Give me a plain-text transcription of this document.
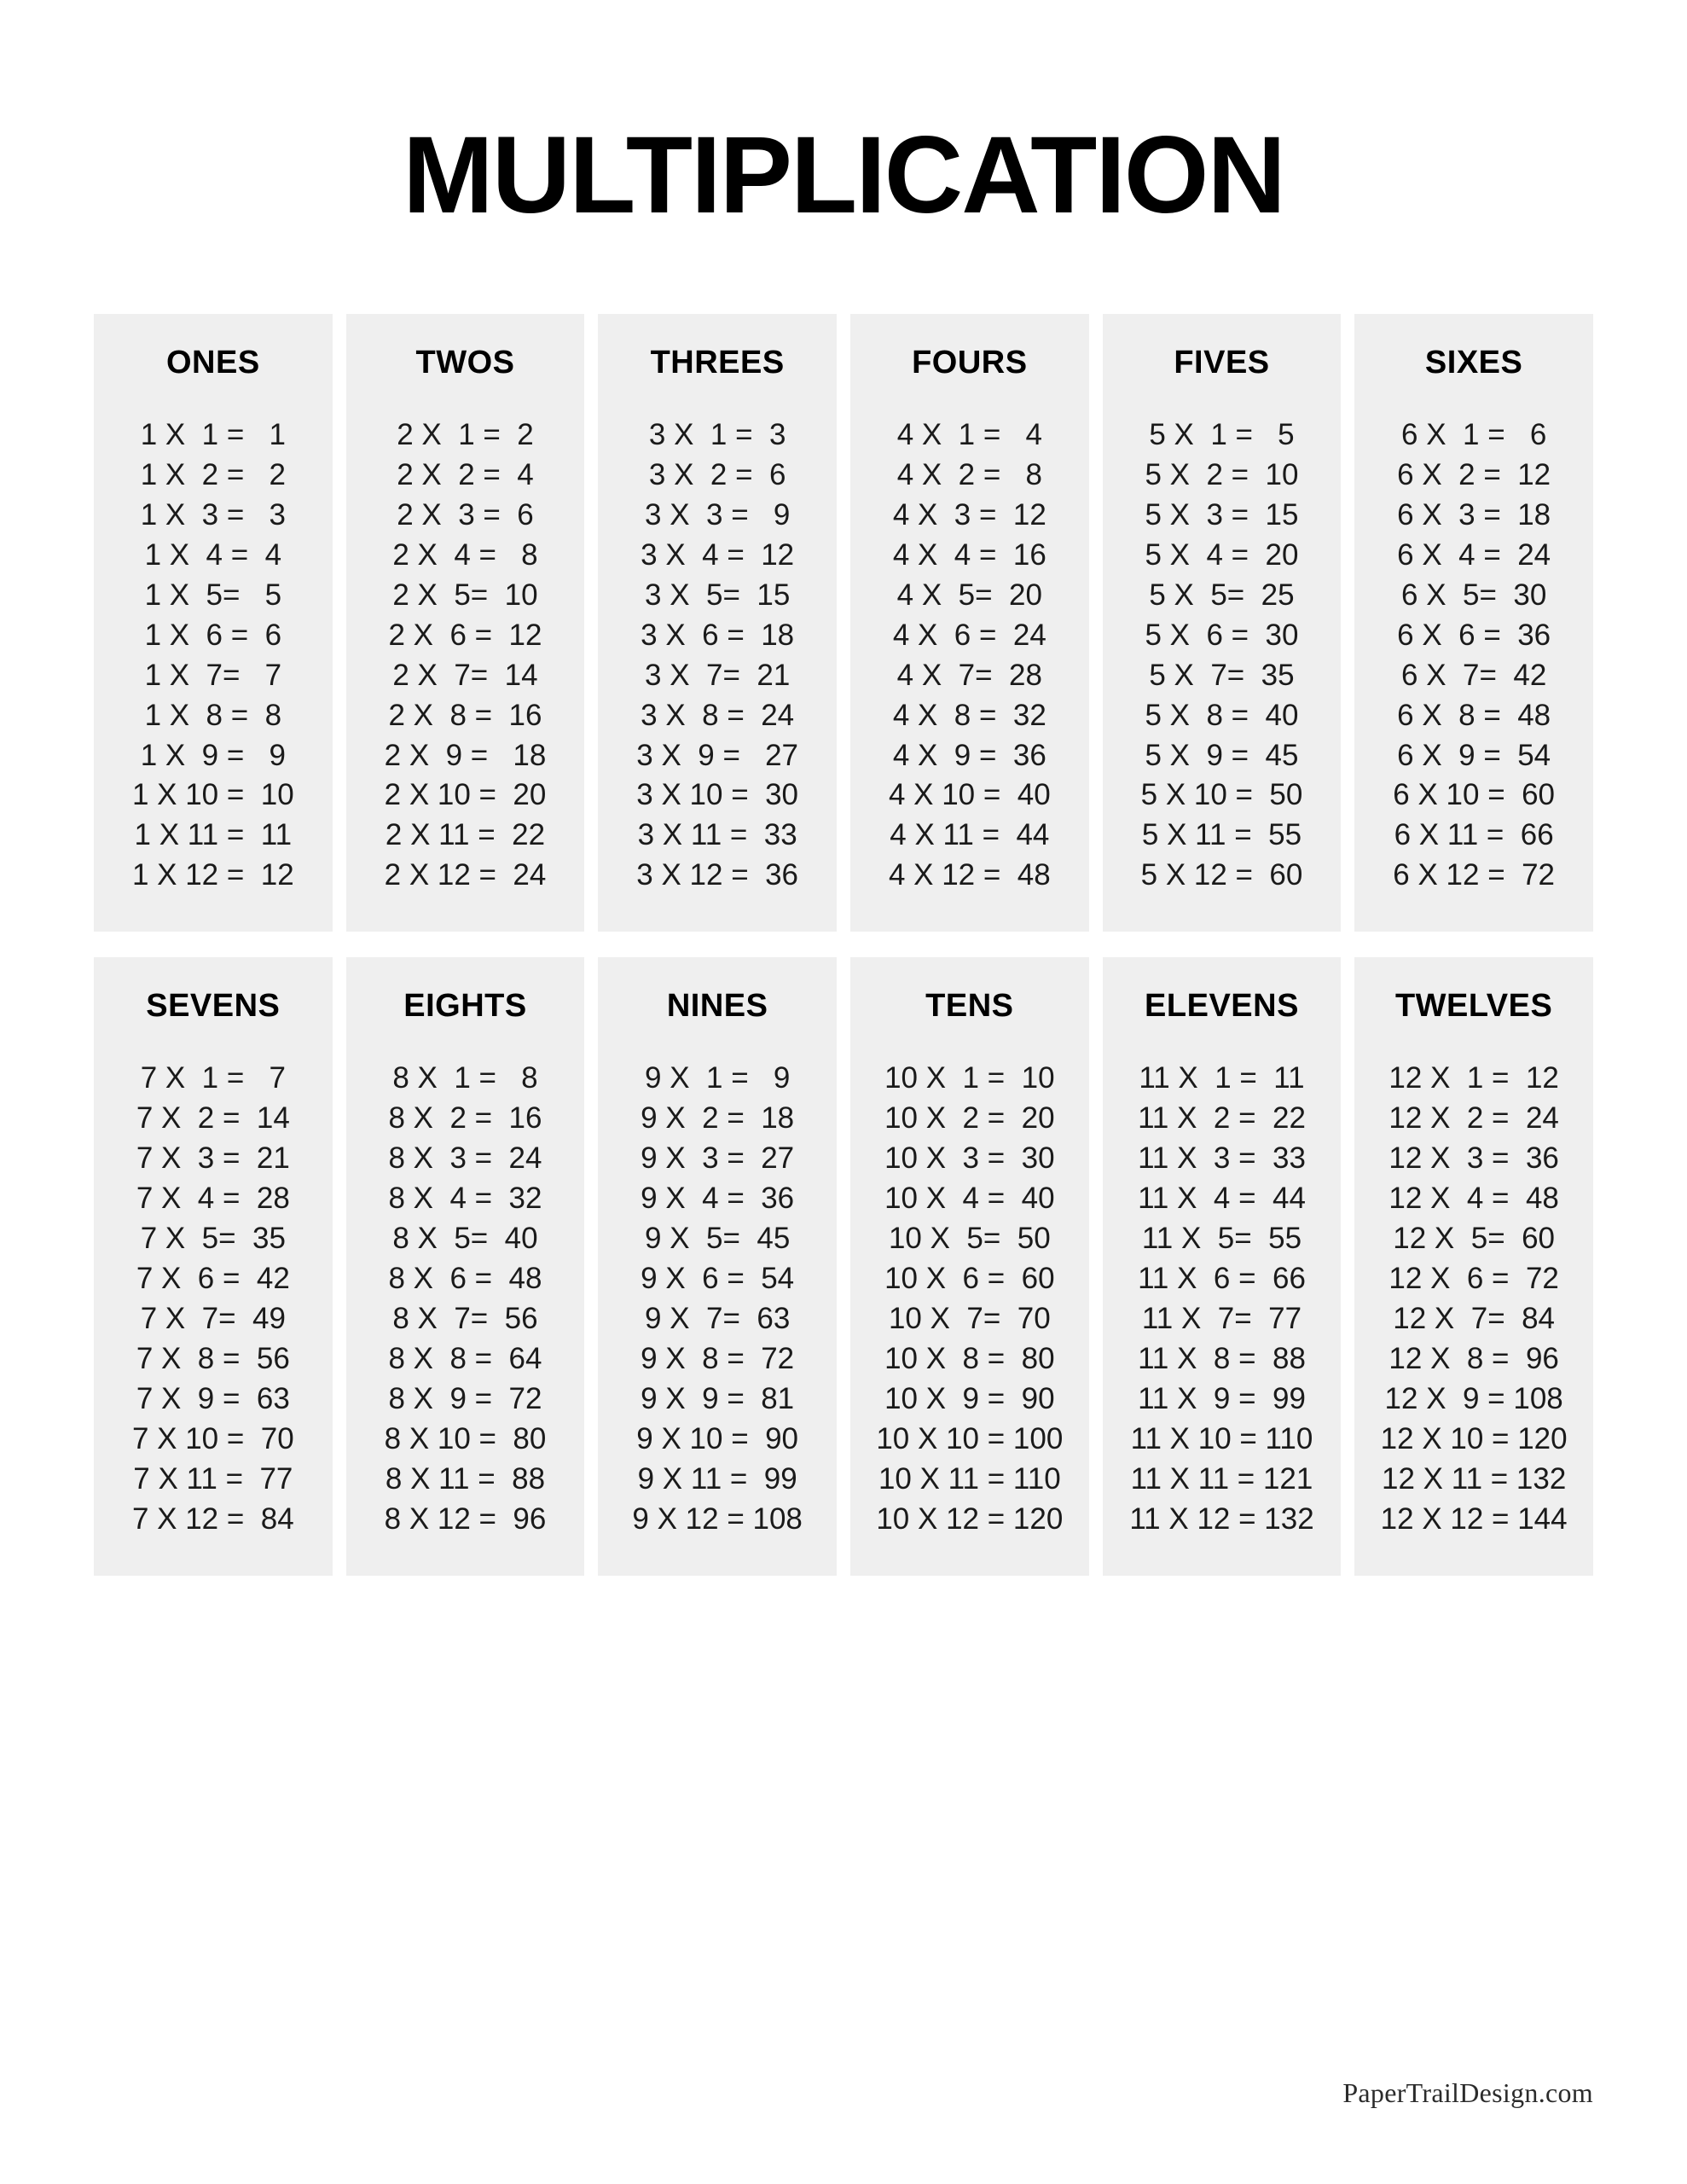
MULTIPLICATION
ONES
1 X  1 =   1
1 X  2 =   2
1 X  3 =   3
1 X  4 =  4
1 X  5=   5
1 X  6 =  6
1 X  7=   7
1 X  8 =  8
1 X  9 =   9
1 X 10 =  10
1 X 11 =  11
1 X 12 =  12
TWOS
2 X  1 =  2
2 X  2 =  4
2 X  3 =  6
2 X  4 =   8
2 X  5=  10
2 X  6 =  12
2 X  7=  14
2 X  8 =  16
2 X  9 =   18
2 X 10 =  20
2 X 11 =  22
2 X 12 =  24
THREES
3 X  1 =  3
3 X  2 =  6
3 X  3 =   9
3 X  4 =  12
3 X  5=  15
3 X  6 =  18
3 X  7=  21
3 X  8 =  24
3 X  9 =   27
3 X 10 =  30
3 X 11 =  33
3 X 12 =  36
FOURS
4 X  1 =   4
4 X  2 =   8
4 X  3 =  12
4 X  4 =  16
4 X  5=  20
4 X  6 =  24
4 X  7=  28
4 X  8 =  32
4 X  9 =  36
4 X 10 =  40
4 X 11 =  44
4 X 12 =  48
FIVES
5 X  1 =   5
5 X  2 =  10
5 X  3 =  15
5 X  4 =  20
5 X  5=  25
5 X  6 =  30
5 X  7=  35
5 X  8 =  40
5 X  9 =  45
5 X 10 =  50
5 X 11 =  55
5 X 12 =  60
SIXES
6 X  1 =   6
6 X  2 =  12
6 X  3 =  18
6 X  4 =  24
6 X  5=  30
6 X  6 =  36
6 X  7=  42
6 X  8 =  48
6 X  9 =  54
6 X 10 =  60
6 X 11 =  66
6 X 12 =  72
SEVENS
7 X  1 =   7
7 X  2 =  14
7 X  3 =  21
7 X  4 =  28
7 X  5=  35
7 X  6 =  42
7 X  7=  49
7 X  8 =  56
7 X  9 =  63
7 X 10 =  70
7 X 11 =  77
7 X 12 =  84
EIGHTS
8 X  1 =   8
8 X  2 =  16
8 X  3 =  24
8 X  4 =  32
8 X  5=  40
8 X  6 =  48
8 X  7=  56
8 X  8 =  64
8 X  9 =  72
8 X 10 =  80
8 X 11 =  88
8 X 12 =  96
NINES
9 X  1 =   9
9 X  2 =  18
9 X  3 =  27
9 X  4 =  36
9 X  5=  45
9 X  6 =  54
9 X  7=  63
9 X  8 =  72
9 X  9 =  81
9 X 10 =  90
9 X 11 =  99
9 X 12 = 108
TENS
10 X  1 =  10
10 X  2 =  20
10 X  3 =  30
10 X  4 =  40
10 X  5=  50
10 X  6 =  60
10 X  7=  70
10 X  8 =  80
10 X  9 =  90
10 X 10 = 100
10 X 11 = 110
10 X 12 = 120
ELEVENS
11 X  1 =  11
11 X  2 =  22
11 X  3 =  33
11 X  4 =  44
11 X  5=  55
11 X  6 =  66
11 X  7=  77
11 X  8 =  88
11 X  9 =  99
11 X 10 = 110
11 X 11 = 121
11 X 12 = 132
TWELVES
12 X  1 =  12
12 X  2 =  24
12 X  3 =  36
12 X  4 =  48
12 X  5=  60
12 X  6 =  72
12 X  7=  84
12 X  8 =  96
12 X  9 = 108
12 X 10 = 120
12 X 11 = 132
12 X 12 = 144
PaperTrailDesign.com
